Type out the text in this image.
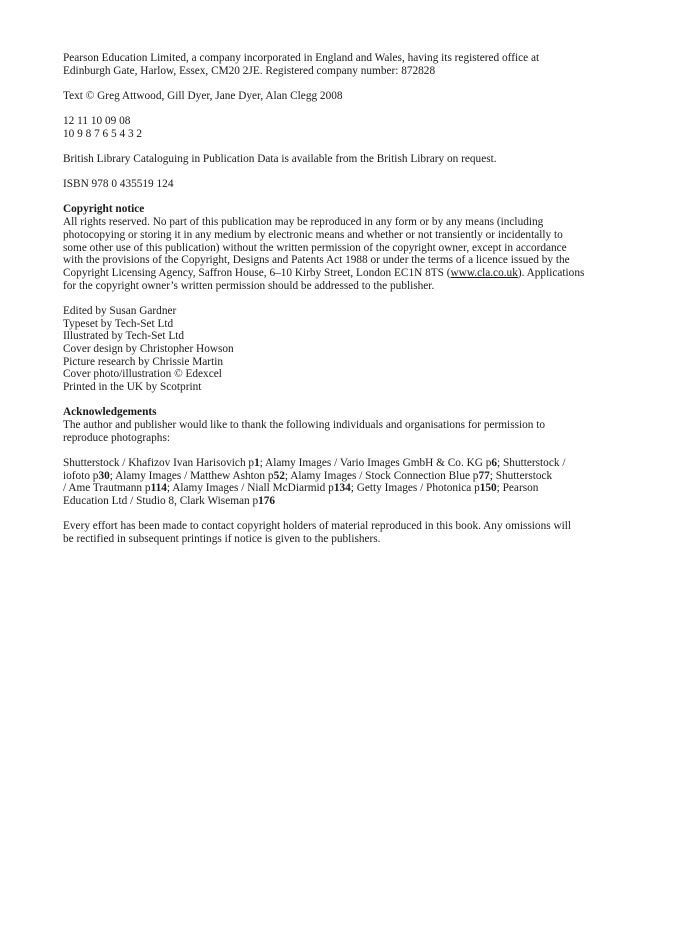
Pearson Education Limited, a company incorporated in England and Wales, having its registered office at
Edinburgh Gate, Harlow, Essex, CM20 2JE. Registered company number: 872828

Text © Greg Attwood, Gill Dyer, Jane Dyer, Alan Clegg 2008

12 11 10 09 08
10 9 8 7 6 5 4 3 2

British Library Cataloguing in Publication Data is available from the British Library on request.

ISBN 978 0 435519 124

Copyright notice
All rights reserved. No part of this publication may be reproduced in any form or by any means (including
photocopying or storing it in any medium by electronic means and whether or not transiently or incidentally to
some other use of this publication) without the written permission of the copyright owner, except in accordance
with the provisions of the Copyright, Designs and Patents Act 1988 or under the terms of a licence issued by the
Copyright Licensing Agency, Saffron House, 6–10 Kirby Street, London EC1N 8TS (www.cla.co.uk). Applications
for the copyright owner’s written permission should be addressed to the publisher.

Edited by Susan Gardner
Typeset by Tech-Set Ltd
Illustrated by Tech-Set Ltd
Cover design by Christopher Howson
Picture research by Chrissie Martin
Cover photo/illustration © Edexcel
Printed in the UK by Scotprint

Acknowledgements
The author and publisher would like to thank the following individuals and organisations for permission to
reproduce photographs:

Shutterstock / Khafizov Ivan Harisovich p1; Alamy Images / Vario Images GmbH & Co. KG p6; Shutterstock /
iofoto p30; Alamy Images / Matthew Ashton p52; Alamy Images / Stock Connection Blue p77; Shutterstock
/ Ame Trautmann p114; Alamy Images / Niall McDiarmid p134; Getty Images / Photonica p150; Pearson
Education Ltd / Studio 8, Clark Wiseman p176

Every effort has been made to contact copyright holders of material reproduced in this book. Any omissions will
be rectified in subsequent printings if notice is given to the publishers.
